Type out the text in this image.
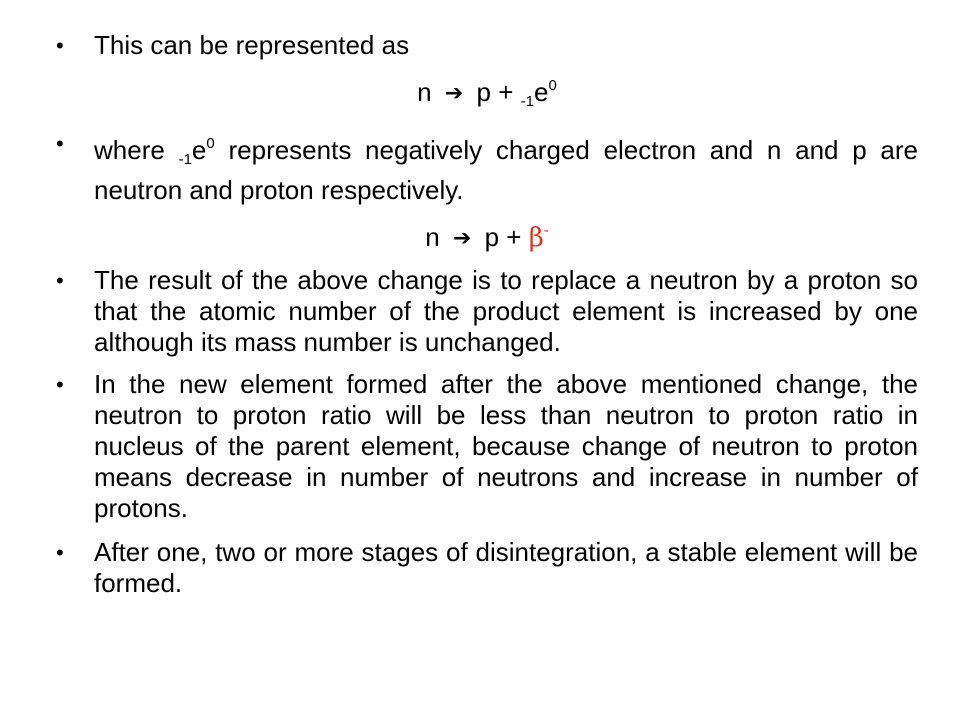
• This can be represented as
n ➔ $p + _{-1}e^0$
• where $_{-1}e^0$ represents negatively charged electron and n and p are neutron and proton respectively.
n ➔ p + β-
• The result of the above change is to replace a neutron by a proton so that the atomic number of the product element is increased by one although its mass number is unchanged.
• In the new element formed after the above mentioned change, the neutron to proton ratio will be less than neutron to proton ratio in nucleus of the parent element, because change of neutron to proton means decrease in number of neutrons and increase in number of protons.
• After one, two or more stages of disintegration, a stable element will be formed.
